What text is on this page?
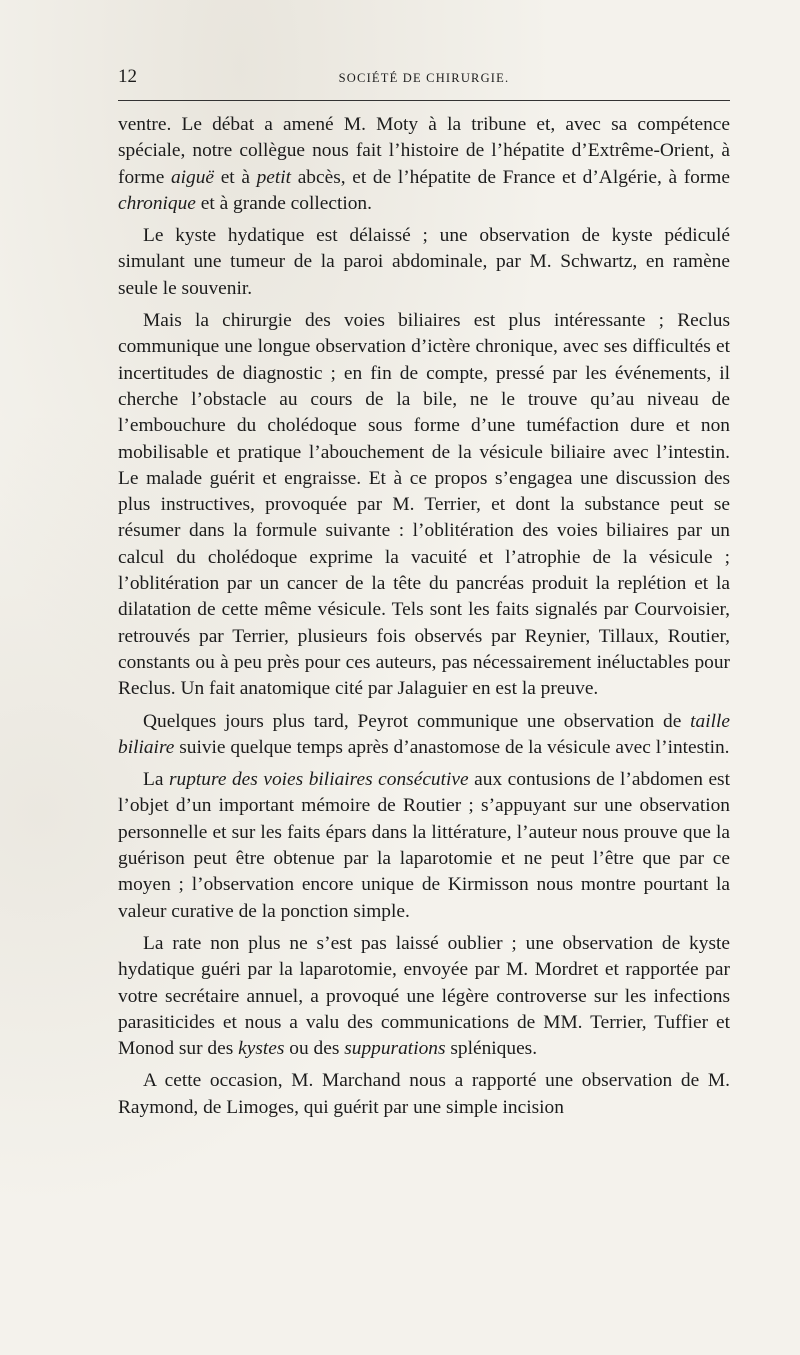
12	SOCIÉTÉ DE CHIRURGIE.

ventre. Le débat a amené M. Moty à la tribune et, avec sa compétence spéciale, notre collègue nous fait l’histoire de l’hépatite d’Extrême-Orient, à forme aiguë et à petit abcès, et de l’hépatite de France et d’Algérie, à forme chronique et à grande collection.

Le kyste hydatique est délaissé ; une observation de kyste pédiculé simulant une tumeur de la paroi abdominale, par M. Schwartz, en ramène seule le souvenir.

Mais la chirurgie des voies biliaires est plus intéressante ; Reclus communique une longue observation d’ictère chronique, avec ses difficultés et incertitudes de diagnostic ; en fin de compte, pressé par les événements, il cherche l’obstacle au cours de la bile, ne le trouve qu’au niveau de l’embouchure du cholédoque sous forme d’une tuméfaction dure et non mobilisable et pratique l’abouchement de la vésicule biliaire avec l’intestin. Le malade guérit et engraisse. Et à ce propos s’engagea une discussion des plus instructives, provoquée par M. Terrier, et dont la substance peut se résumer dans la formule suivante : l’oblitération des voies biliaires par un calcul du cholédoque exprime la vacuité et l’atrophie de la vésicule ; l’oblitération par un cancer de la tête du pancréas produit la replétion et la dilatation de cette même vésicule. Tels sont les faits signalés par Courvoisier, retrouvés par Terrier, plusieurs fois observés par Reynier, Tillaux, Routier, constants ou à peu près pour ces auteurs, pas nécessairement inéluctables pour Reclus. Un fait anatomique cité par Jalaguier en est la preuve.

Quelques jours plus tard, Peyrot communique une observation de taille biliaire suivie quelque temps après d’anastomose de la vésicule avec l’intestin.

La rupture des voies biliaires consécutive aux contusions de l’abdomen est l’objet d’un important mémoire de Routier ; s’appuyant sur une observation personnelle et sur les faits épars dans la littérature, l’auteur nous prouve que la guérison peut être obtenue par la laparotomie et ne peut l’être que par ce moyen ; l’observation encore unique de Kirmisson nous montre pourtant la valeur curative de la ponction simple.

La rate non plus ne s’est pas laissé oublier ; une observation de kyste hydatique guéri par la laparotomie, envoyée par M. Mordret et rapportée par votre secrétaire annuel, a provoqué une légère controverse sur les infections parasiticides et nous a valu des communications de MM. Terrier, Tuffier et Monod sur des kystes ou des suppurations spléniques.

A cette occasion, M. Marchand nous a rapporté une observation de M. Raymond, de Limoges, qui guérit par une simple incision
